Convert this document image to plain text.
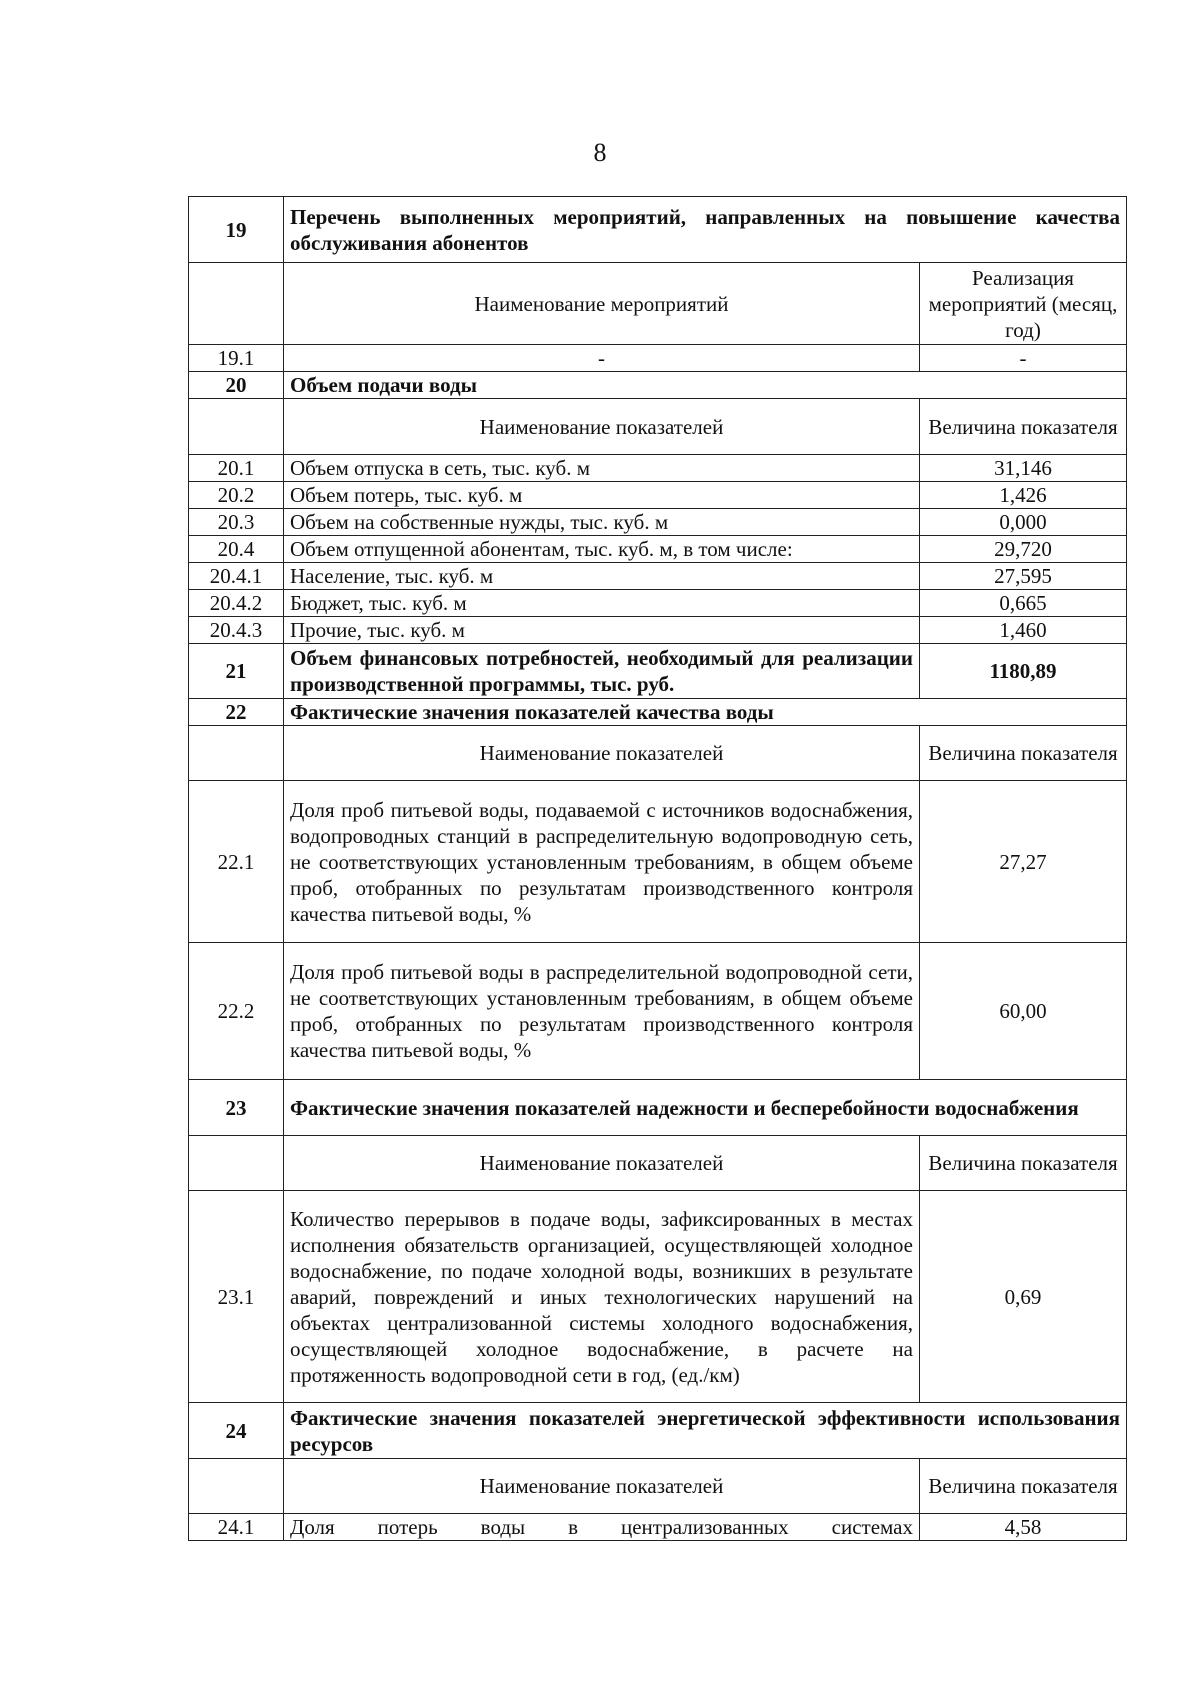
8
19	Перечень выполненных мероприятий, направленных на повышение качества обслуживания абонентов	
	Наименование мероприятий	Реализация мероприятий (месяц, год)
19.1	-	-
20	Объем подачи воды	
	Наименование показателей	Величина показателя
20.1	Объем отпуска в сеть, тыс. куб. м	31,146
20.2	Объем потерь, тыс. куб. м	1,426
20.3	Объем на собственные нужды, тыс. куб. м	0,000
20.4	Объем отпущенной абонентам, тыс. куб. м, в том числе:	29,720
20.4.1	Население, тыс. куб. м	27,595
20.4.2	Бюджет, тыс. куб. м	0,665
20.4.3	Прочие, тыс. куб. м	1,460
21	Объем финансовых потребностей, необходимый для реализации производственной программы, тыс. руб.	1180,89
22	Фактические значения показателей качества воды	
	Наименование показателей	Величина показателя
22.1	Доля проб питьевой воды, подаваемой с источников водоснабжения, водопроводных станций в распределительную водопроводную сеть, не соответствующих установленным требованиям, в общем объеме проб, отобранных по результатам производственного контроля качества питьевой воды, %	27,27
22.2	Доля проб питьевой воды в распределительной водопроводной сети, не соответствующих установленным требованиям, в общем объеме проб, отобранных по результатам производственного контроля качества питьевой воды, %	60,00
23	Фактические значения показателей надежности и бесперебойности водоснабжения	
	Наименование показателей	Величина показателя
23.1	Количество перерывов в подаче воды, зафиксированных в местах исполнения обязательств организацией, осуществляющей холодное водоснабжение, по подаче холодной воды, возникших в результате аварий, повреждений и иных технологических нарушений на объектах централизованной системы холодного водоснабжения, осуществляющей холодное водоснабжение, в расчете на протяженность водопроводной сети в год, (ед./км)	0,69
24	Фактические значения показателей энергетической эффективности использования ресурсов	
	Наименование показателей	Величина показателя
24.1	Доля потерь воды в централизованных системах	4,58
